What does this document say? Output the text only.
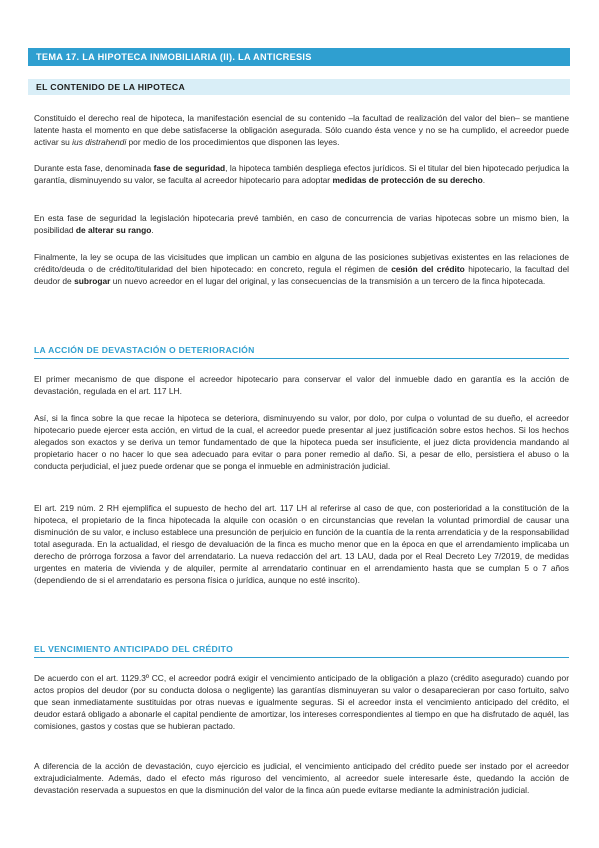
TEMA 17. LA HIPOTECA INMOBILIARIA (II). LA ANTICRESIS
EL CONTENIDO DE LA HIPOTECA

Constituido el derecho real de hipoteca, la manifestación esencial de su contenido –la facultad de realización del valor del bien– se mantiene latente hasta el momento en que debe satisfacerse la obligación asegurada. Sólo cuando ésta vence y no se ha cumplido, el acreedor puede activar su ius distrahendi por medio de los procedimientos que disponen las leyes.

Durante esta fase, denominada fase de seguridad, la hipoteca también despliega efectos jurídicos. Si el titular del bien hipotecado perjudica la garantía, disminuyendo su valor, se faculta al acreedor hipotecario para adoptar medidas de protección de su derecho.

En esta fase de seguridad la legislación hipotecaria prevé también, en caso de concurrencia de varias hipotecas sobre un mismo bien, la posibilidad de alterar su rango.

Finalmente, la ley se ocupa de las vicisitudes que implican un cambio en alguna de las posiciones subjetivas existentes en las relaciones de crédito/deuda o de crédito/titularidad del bien hipotecado: en concreto, regula el régimen de cesión del crédito hipotecario, la facultad del deudor de subrogar un nuevo acreedor en el lugar del original, y las consecuencias de la transmisión a un tercero de la finca hipotecada.

LA ACCIÓN DE DEVASTACIÓN O DETERIORACIÓN

El primer mecanismo de que dispone el acreedor hipotecario para conservar el valor del inmueble dado en garantía es la acción de devastación, regulada en el art. 117 LH.

Así, si la finca sobre la que recae la hipoteca se deteriora, disminuyendo su valor, por dolo, por culpa o voluntad de su dueño, el acreedor hipotecario puede ejercer esta acción, en virtud de la cual, el acreedor puede presentar al juez justificación sobre estos hechos. Si los hechos alegados son exactos y se deriva un temor fundamentado de que la hipoteca pueda ser insuficiente, el juez dicta providencia mandando al propietario hacer o no hacer lo que sea adecuado para evitar o para poner remedio al daño. Si, a pesar de ello, persistiera el abuso o la conducta perjudicial, el juez puede ordenar que se ponga el inmueble en administración judicial.

El art. 219 núm. 2 RH ejemplifica el supuesto de hecho del art. 117 LH al referirse al caso de que, con posterioridad a la constitución de la hipoteca, el propietario de la finca hipotecada la alquile con ocasión o en circunstancias que revelan la voluntad primordial de causar una disminución de su valor, e incluso establece una presunción de perjuicio en función de la cuantía de la renta arrendaticia y de la responsabilidad total asegurada. En la actualidad, el riesgo de devaluación de la finca es mucho menor que en la época en que el arrendamiento implicaba un derecho de prórroga forzosa a favor del arrendatario. La nueva redacción del art. 13 LAU, dada por el Real Decreto Ley 7/2019, de medidas urgentes en materia de vivienda y de alquiler, permite al arrendatario continuar en el arrendamiento hasta que se cumplan 5 o 7 años (dependiendo de si el arrendatario es persona física o jurídica, aunque no esté inscrito).

EL VENCIMIENTO ANTICIPADO DEL CRÉDITO

De acuerdo con el art. 1129.3º CC, el acreedor podrá exigir el vencimiento anticipado de la obligación a plazo (crédito asegurado) cuando por actos propios del deudor (por su conducta dolosa o negligente) las garantías disminuyeran su valor o desaparecieran por caso fortuito, salvo que sean inmediatamente sustituidas por otras nuevas e igualmente seguras. Si el acreedor insta el vencimiento anticipado del crédito, el deudor estará obligado a abonarle el capital pendiente de amortizar, los intereses correspondientes al tiempo en que ha disfrutado de aquél, las comisiones, gastos y costas que se hubieran pactado.

A diferencia de la acción de devastación, cuyo ejercicio es judicial, el vencimiento anticipado del crédito puede ser instado por el acreedor extrajudicialmente. Además, dado el efecto más riguroso del vencimiento, al acreedor suele interesarle éste, quedando la acción de devastación reservada a supuestos en que la disminución del valor de la finca aún puede evitarse mediante la administración judicial.
